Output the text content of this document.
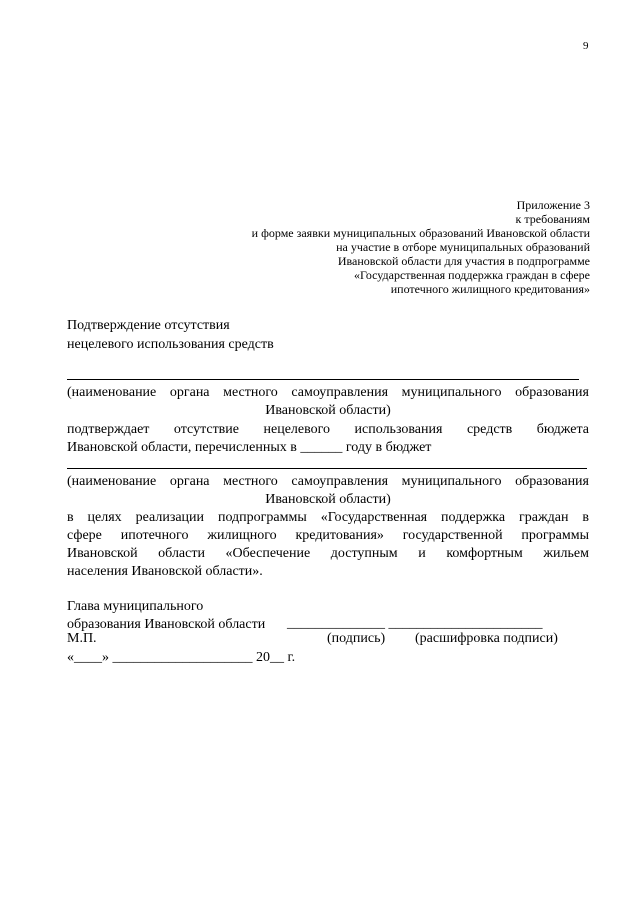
9
Приложение 3
к требованиям
и форме заявки муниципальных образований Ивановской области
на участие в отборе муниципальных образований
Ивановской области для участия в подпрограмме
«Государственная поддержка граждан в сфере
ипотечного жилищного кредитования»
Подтверждение отсутствия
нецелевого использования средств
(наименование органа местного самоуправления муниципального образования
Ивановской области)
подтверждает отсутствие нецелевого использования средств бюджета
Ивановской области, перечисленных в ______ году в бюджет
(наименование органа местного самоуправления муниципального образования
Ивановской области)
в целях реализации подпрограммы «Государственная поддержка граждан в
сфере ипотечного жилищного кредитования» государственной программы
Ивановской области «Обеспечение доступным и комфортным жильем
населения Ивановской области».
Глава муниципального
образования Ивановской области ______________ ______________________
М.П.	(подпись) (расшифровка подписи)
«____» ____________________ 20__ г.
